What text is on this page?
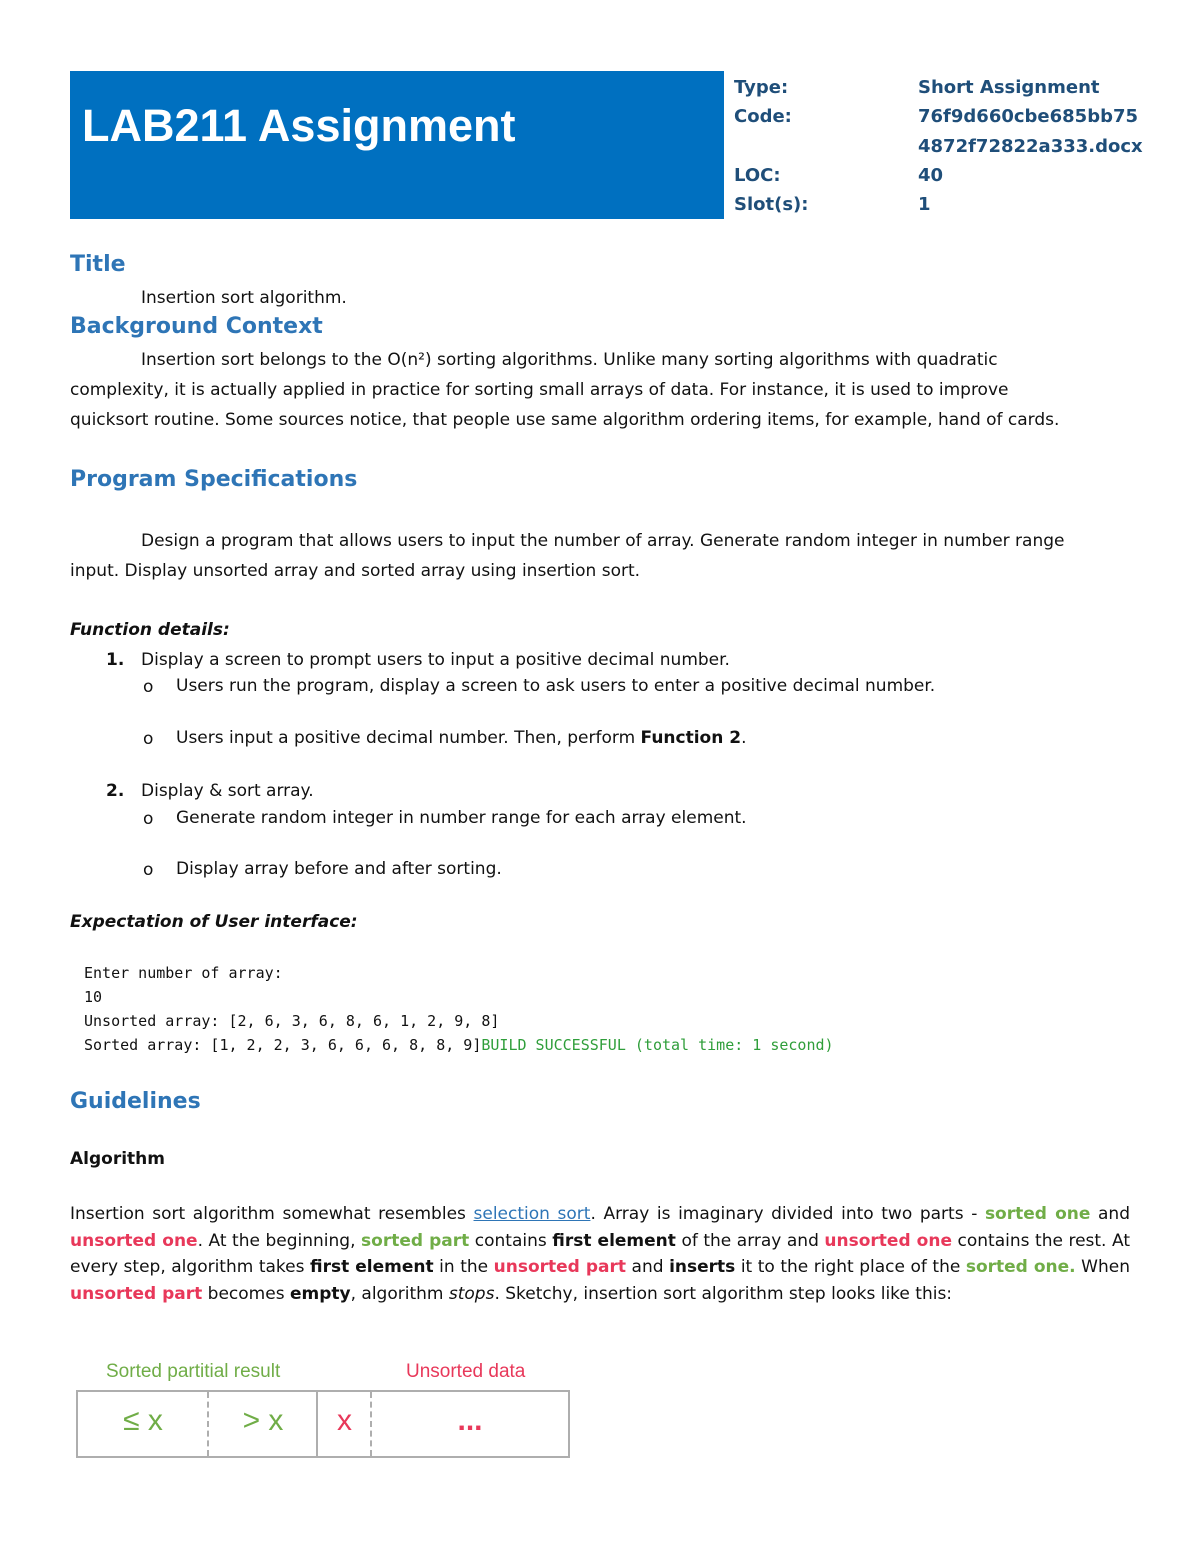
LAB211 Assignment
Type:	Short Assignment
Code:	76f9d660cbe685bb75
4872f72822a333.docx
LOC:	40
Slot(s):	1
Title
Insertion sort algorithm.
Background Context
Insertion sort belongs to the O(n²) sorting algorithms. Unlike many sorting algorithms with quadratic
complexity, it is actually applied in practice for sorting small arrays of data. For instance, it is used to improve
quicksort routine. Some sources notice, that people use same algorithm ordering items, for example, hand of cards.
Program Specifications
Design a program that allows users to input the number of array. Generate random integer in number range
input. Display unsorted array and sorted array using insertion sort.
Function details:
1. Display a screen to prompt users to input a positive decimal number.
o Users run the program, display a screen to ask users to enter a positive decimal number.
o Users input a positive decimal number. Then, perform Function 2.
2. Display & sort array.
o Generate random integer in number range for each array element.
o Display array before and after sorting.
Expectation of User interface:
Enter number of array:
10
Unsorted array: [2, 6, 3, 6, 8, 6, 1, 2, 9, 8]
Sorted array: [1, 2, 2, 3, 6, 6, 6, 8, 8, 9]BUILD SUCCESSFUL (total time: 1 second)
Guidelines
Algorithm
Insertion sort algorithm somewhat resembles selection sort. Array is imaginary divided into two parts - sorted one and unsorted one. At the beginning, sorted part contains first element of the array and unsorted one contains the rest. At every step, algorithm takes first element in the unsorted part and inserts it to the right place of the sorted one. When unsorted part becomes empty, algorithm stops. Sketchy, insertion sort algorithm step looks like this:
Sorted partitial result	Unsorted data
≤ x	> x	x	...
